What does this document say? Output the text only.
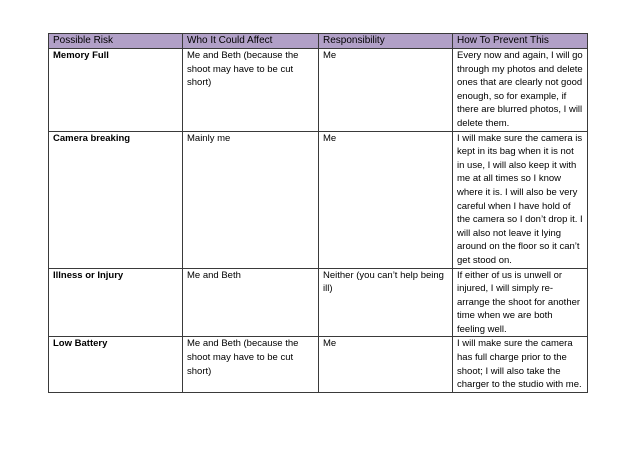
Possible Risk	Who It Could Affect	Responsibility	How To Prevent This
Memory Full	Me and Beth (because the shoot may have to be cut short)	Me	Every now and again, I will go through my photos and delete ones that are clearly not good enough, so for example, if there are blurred photos, I will delete them.
Camera breaking	Mainly me	Me	I will make sure the camera is kept in its bag when it is not in use, I will also keep it with me at all times so I know where it is. I will also be very careful when I have hold of the camera so I don’t drop it. I will also not leave it lying around on the floor so it can’t get stood on.
Illness or Injury	Me and Beth	Neither (you can’t help being ill)	If either of us is unwell or injured, I will simply re-arrange the shoot for another time when we are both feeling well.
Low Battery	Me and Beth (because the shoot may have to be cut short)	Me	I will make sure the camera has full charge prior to the shoot; I will also take the charger to the studio with me.
